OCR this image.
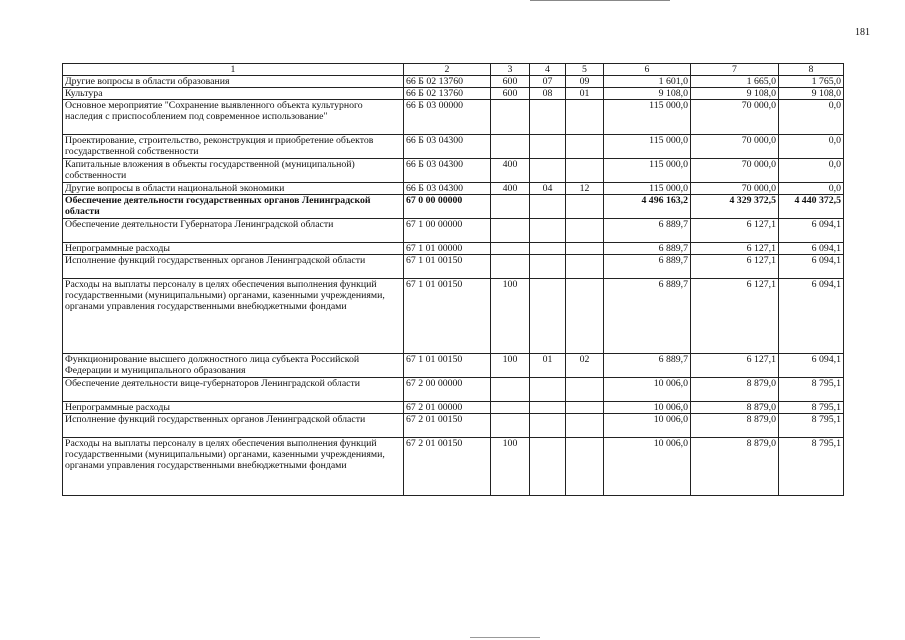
181
1	2	3	4	5	6	7	8
Другие вопросы в области образования	66 Б 02 13760	600	07	09	1 601,0	1 665,0	1 765,0
Культура	66 Б 02 13760	600	08	01	9 108,0	9 108,0	9 108,0
Основное мероприятие "Сохранение выявленного объекта культурного наследия с приспособлением под современное использование"	66 Б 03 00000				115 000,0	70 000,0	0,0
Проектирование, строительство, реконструкция и приобретение объектов государственной собственности	66 Б 03 04300				115 000,0	70 000,0	0,0
Капитальные вложения в объекты государственной (муниципальной) собственности	66 Б 03 04300	400			115 000,0	70 000,0	0,0
Другие вопросы в области национальной экономики	66 Б 03 04300	400	04	12	115 000,0	70 000,0	0,0
Обеспечение деятельности государственных органов Ленинградской области	67 0 00 00000				4 496 163,2	4 329 372,5	4 440 372,5
Обеспечение деятельности Губернатора Ленинградской области	67 1 00 00000				6 889,7	6 127,1	6 094,1
Непрограммные расходы	67 1 01 00000				6 889,7	6 127,1	6 094,1
Исполнение функций государственных органов Ленинградской области	67 1 01 00150				6 889,7	6 127,1	6 094,1
Расходы на выплаты персоналу в целях обеспечения выполнения функций государственными (муниципальными) органами, казенными учреждениями, органами управления государственными внебюджетными фондами	67 1 01 00150	100			6 889,7	6 127,1	6 094,1
Функционирование высшего должностного лица субъекта Российской Федерации и муниципального образования	67 1 01 00150	100	01	02	6 889,7	6 127,1	6 094,1
Обеспечение деятельности вице-губернаторов Ленинградской области	67 2 00 00000				10 006,0	8 879,0	8 795,1
Непрограммные расходы	67 2 01 00000				10 006,0	8 879,0	8 795,1
Исполнение функций государственных органов Ленинградской области	67 2 01 00150				10 006,0	8 879,0	8 795,1
Расходы на выплаты персоналу в целях обеспечения выполнения функций государственными (муниципальными) органами, казенными учреждениями, органами управления государственными внебюджетными фондами	67 2 01 00150	100			10 006,0	8 879,0	8 795,1
